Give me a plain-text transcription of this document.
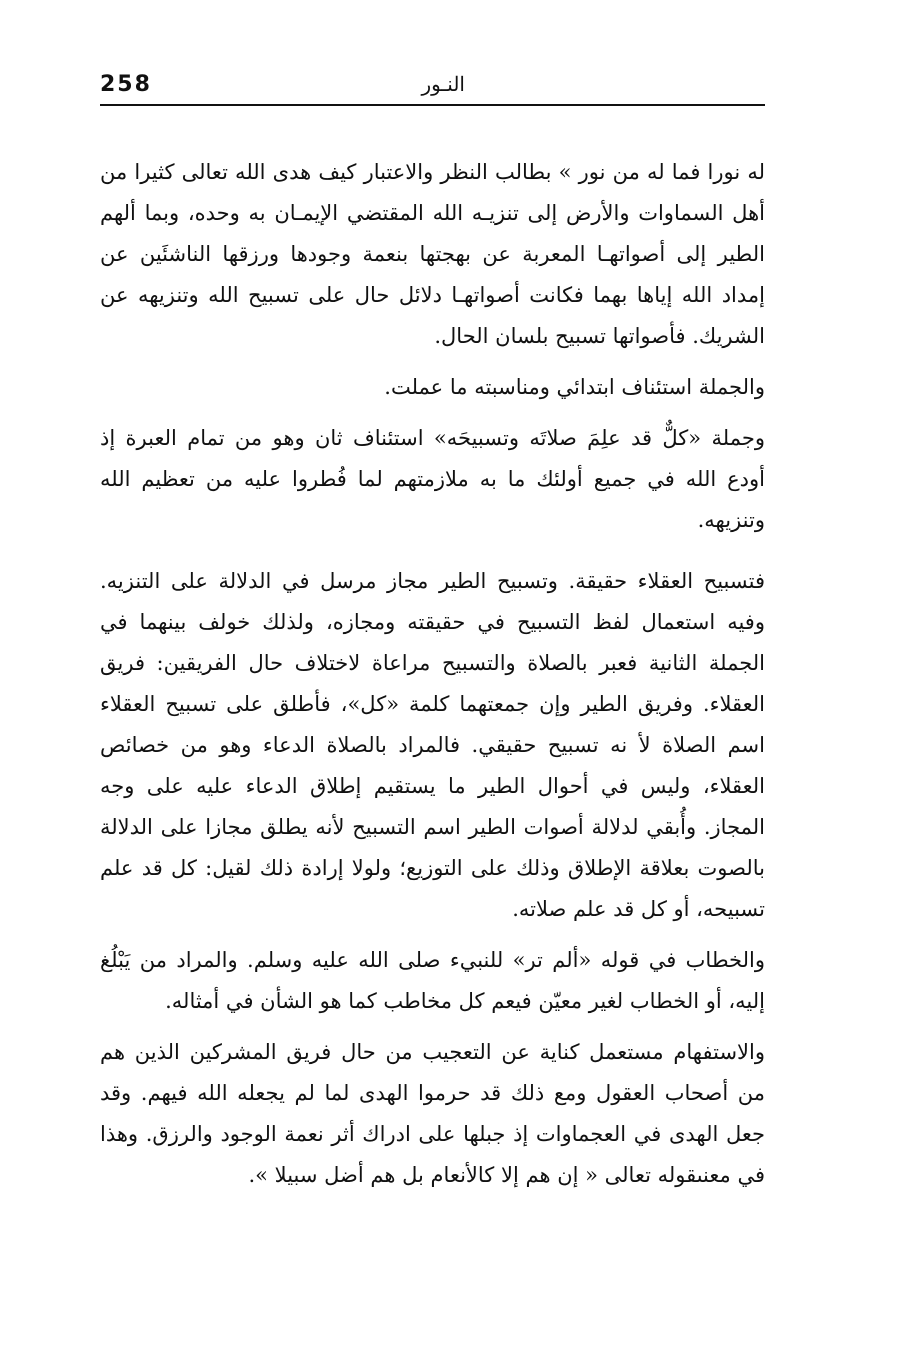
258	النـور

له نورا فما له من نور » بطالب النظر والاعتبار كيف هدى الله تعالى كثيرا من أهل السماوات والأرض إلى تنزيـه الله المقتضي الإيمـان به وحده، وبما ألهم الطير إلى أصواتهـا المعربة عن بهجتها بنعمة وجودها ورزقها الناشئَين عن إمداد الله إياها بهما فكانت أصواتهـا دلائل حال على تسبيح الله وتنزيهه عن الشريك. فأصواتها تسبيح بلسان الحال.

والجملة استئناف ابتدائي ومناسبته ما عملت.

وجملة «كلٌّ قد علِمَ صلاتَه وتسبيحَه» استئناف ثان وهو من تمام العبرة إذ أودع الله في جميع أولئك ما به ملازمتهم لما فُطروا عليه من تعظيم الله وتنزيهه.

فتسبيح العقلاء حقيقة. وتسبيح الطير مجاز مرسل في الدلالة على التنزيه. وفيه استعمال لفظ التسبيح في حقيقته ومجازه، ولذلك خولف بينهما في الجملة الثانية فعبر بالصلاة والتسبيح مراعاة لاختلاف حال الفريقين: فريق العقلاء. وفريق الطير وإن جمعتهما كلمة «كل»، فأطلق على تسبيح العقلاء اسم الصلاة لأ نه تسبيح حقيقي. فالمراد بالصلاة الدعاء وهو من خصائص العقلاء، وليس في أحوال الطير ما يستقيم إطلاق الدعاء عليه على وجه المجاز. وأُبقي لدلالة أصوات الطير اسم التسبيح لأنه يطلق مجازا على الدلالة بالصوت بعلاقة الإطلاق وذلك على التوزيع؛ ولولا إرادة ذلك لقيل: كل قد علم تسبيحه، أو كل قد علم صلاته.

والخطاب في قوله «ألم تر» للنبيء صلى الله عليه وسلم. والمراد من يَبْلُغ إليه، أو الخطاب لغير معيّن فيعم كل مخاطب كما هو الشأن في أمثاله.

والاستفهام مستعمل كناية عن التعجيب من حال فريق المشركين الذين هم من أصحاب العقول ومع ذلك قد حرموا الهدى لما لم يجعله الله فيهم. وقد جعل الهدى في العجماوات إذ جبلها على ادراك أثر نعمة الوجود والرزق. وهذا في معنىقوله تعالى « إن هم إلا كالأنعام بل هم أضل سبيلا ».
